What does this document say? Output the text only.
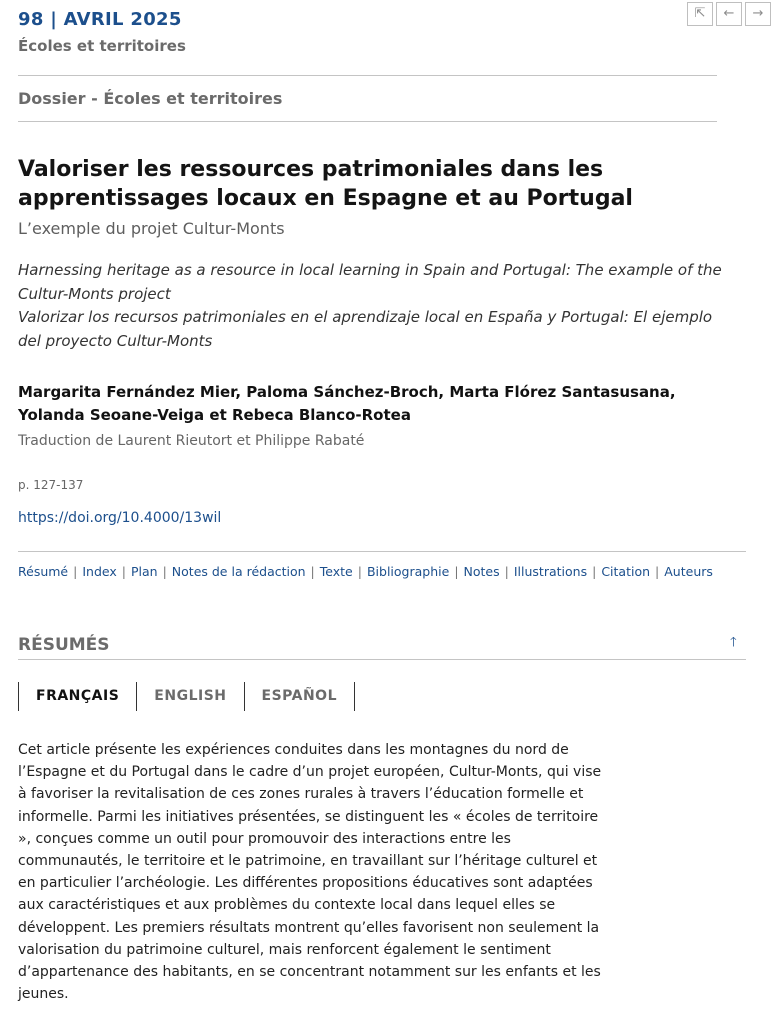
98 | AVRIL 2025
Écoles et territoires
⇱	←	→
Dossier - Écoles et territoires
Valoriser les ressources patrimoniales dans les apprentissages locaux en Espagne et au Portugal
L’exemple du projet Cultur-Monts
Harnessing heritage as a resource in local learning in Spain and Portugal: The example of the Cultur-Monts project
Valorizar los recursos patrimoniales en el aprendizaje local en España y Portugal: El ejemplo del proyecto Cultur-Monts
Margarita Fernández Mier, Paloma Sánchez-Broch, Marta Flórez Santasusana, Yolanda Seoane-Veiga et Rebeca Blanco-Rotea
Traduction de Laurent Rieutort et Philippe Rabaté
p. 127-137
https://doi.org/10.4000/13wil
Résumé | Index | Plan | Notes de la rédaction | Texte | Bibliographie | Notes | Illustrations | Citation | Auteurs
RÉSUMÉS	🡑
FRANÇAIS	ENGLISH	ESPAÑOL
Cet article présente les expériences conduites dans les montagnes du nord de l’Espagne et du Portugal dans le cadre d’un projet européen, Cultur-Monts, qui vise à favoriser la revitalisation de ces zones rurales à travers l’éducation formelle et informelle. Parmi les initiatives présentées, se distinguent les « écoles de territoire », conçues comme un outil pour promouvoir des interactions entre les communautés, le territoire et le patrimoine, en travaillant sur l’héritage culturel et en particulier l’archéologie. Les différentes propositions éducatives sont adaptées aux caractéristiques et aux problèmes du contexte local dans lequel elles se développent. Les premiers résultats montrent qu’elles favorisent non seulement la valorisation du patrimoine culturel, mais renforcent également le sentiment d’appartenance des habitants, en se concentrant notamment sur les enfants et les jeunes.
